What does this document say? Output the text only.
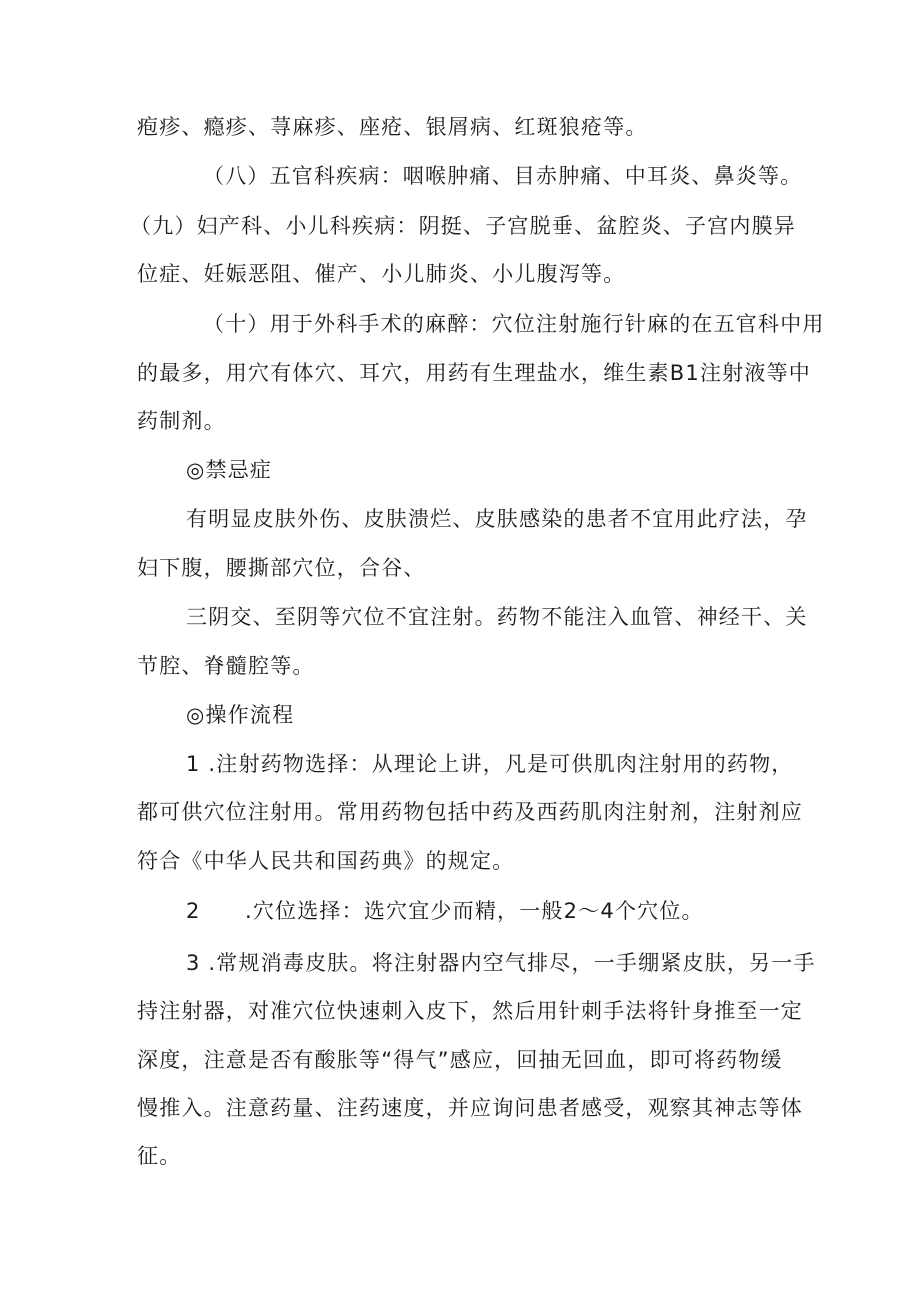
疱疹、瘾疹、荨麻疹、座疮、银屑病、红斑狼疮等。
（八）五官科疾病：咽喉肿痛、目赤肿痛、中耳炎、鼻炎等。
（九）妇产科、小儿科疾病：阴挺、子宫脱垂、盆腔炎、子宫内膜异
位症、妊娠恶阻、催产、小儿肺炎、小儿腹泻等。
（十）用于外科手术的麻醉：穴位注射施行针麻的在五官科中用
的最多，用穴有体穴、耳穴，用药有生理盐水，维生素B1注射液等中
药制剂。
◎禁忌症
有明显皮肤外伤、皮肤溃烂、皮肤感染的患者不宜用此疗法，孕
妇下腹，腰撕部穴位，合谷、
三阴交、至阴等穴位不宜注射。药物不能注入血管、神经干、关
节腔、脊髓腔等。
◎操作流程
1 .注射药物选择：从理论上讲，凡是可供肌肉注射用的药物，
都可供穴位注射用。常用药物包括中药及西药肌肉注射剂，注射剂应
符合《中华人民共和国药典》的规定。
2　　.穴位选择：选穴宜少而精，一般2～4个穴位。
3 .常规消毒皮肤。将注射器内空气排尽，一手绷紧皮肤，另一手
持注射器，对准穴位快速刺入皮下，然后用针刺手法将针身推至一定
深度，注意是否有酸胀等“得气”感应，回抽无回血，即可将药物缓
慢推入。注意药量、注药速度，并应询问患者感受，观察其神志等体
征。
